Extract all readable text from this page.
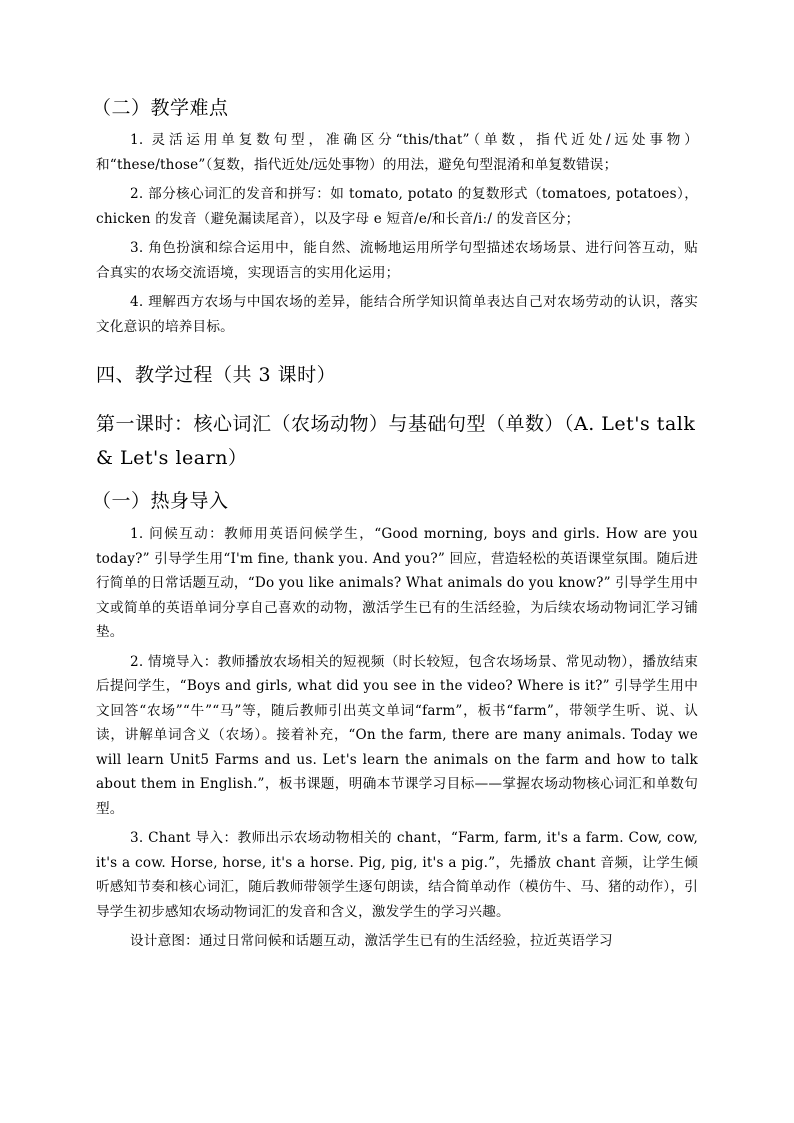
（二）教学难点

1. 灵活运用单复数句型，准确区分“this/that”（单数，指代近处/远处事物）和“these/those”（复数，指代近处/远处事物）的用法，避免句型混淆和单复数错误；

2. 部分核心词汇的发音和拼写：如 tomato, potato 的复数形式（tomatoes, potatoes），chicken 的发音（避免漏读尾音），以及字母 e 短音/e/和长音/iː/ 的发音区分；

3. 角色扮演和综合运用中，能自然、流畅地运用所学句型描述农场场景、进行问答互动，贴合真实的农场交流语境，实现语言的实用化运用；

4. 理解西方农场与中国农场的差异，能结合所学知识简单表达自己对农场劳动的认识，落实文化意识的培养目标。

四、教学过程（共 3 课时）
第一课时：核心词汇（农场动物）与基础句型（单数）（A. Let's talk & Let's learn）
（一）热身导入

1. 问候互动：教师用英语问候学生，“Good morning, boys and girls. How are you today?” 引导学生用“I'm fine, thank you. And you?” 回应，营造轻松的英语课堂氛围。随后进行简单的日常话题互动，“Do you like animals? What animals do you know?” 引导学生用中文或简单的英语单词分享自己喜欢的动物，激活学生已有的生活经验，为后续农场动物词汇学习铺垫。

2. 情境导入：教师播放农场相关的短视频（时长较短，包含农场场景、常见动物），播放结束后提问学生，“Boys and girls, what did you see in the video? Where is it?” 引导学生用中文回答“农场”“牛”“马”等，随后教师引出英文单词“farm”，板书“farm”，带领学生听、说、认读，讲解单词含义（农场）。接着补充，“On the farm, there are many animals. Today we will learn Unit5 Farms and us. Let's learn the animals on the farm and how to talk about them in English.”，板书课题，明确本节课学习目标——掌握农场动物核心词汇和单数句型。

3. Chant 导入：教师出示农场动物相关的 chant，“Farm, farm, it's a farm. Cow, cow, it's a cow. Horse, horse, it's a horse. Pig, pig, it's a pig.”，先播放 chant 音频，让学生倾听感知节奏和核心词汇，随后教师带领学生逐句朗读，结合简单动作（模仿牛、马、猪的动作），引导学生初步感知农场动物词汇的发音和含义，激发学生的学习兴趣。

设计意图：通过日常问候和话题互动，激活学生已有的生活经验，拉近英语学习
